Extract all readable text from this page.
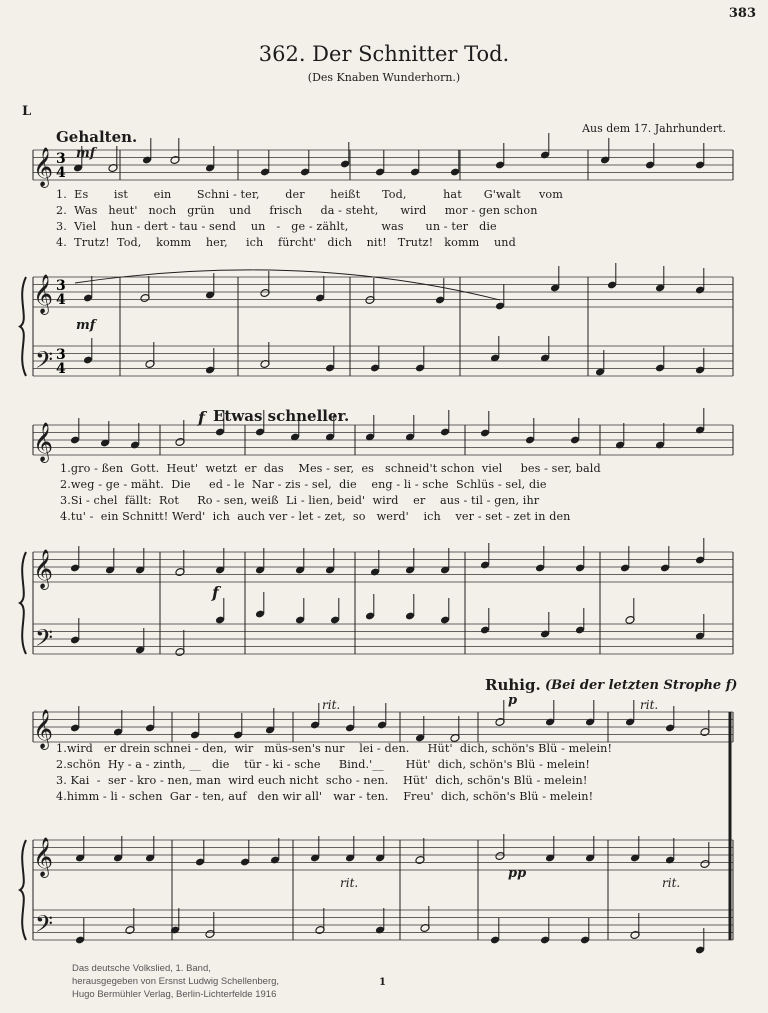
383
362. Der Schnitter Tod.
(Des Knaben Wunderhorn.)
L
Aus dem 17. Jahrhundert.
Gehalten.
Etwas schneller.
Ruhig. (Bei der letzten Strophe f)
mf
mf
f
f
p
pp
rit.	rit.
rit.	rit.
1.  Es       ist       ein       Schni - ter,       der       heißt      Tod,          hat      G'walt     vom
2.  Was   heut'   noch   grün    und     frisch     da - steht,      wird     mor - gen schon
3.  Viel    hun - dert - tau - send    un   -   ge - zählt,         was      un - ter   die
4.  Trutz!  Tod,    komm    her,     ich    fürcht'   dich    nit!   Trutz!   komm    und
1.gro - ßen  Gott.  Heut'  wetzt  er  das    Mes - ser,  es   schneid't schon  viel     bes - ser, bald
2.weg - ge - mäht.  Die     ed - le  Nar - zis - sel,  die    eng - li - sche  Schlüs - sel, die
3.Si - chel  fällt:  Rot     Ro - sen, weiß  Li - lien, beid'  wird    er    aus - til - gen, ihr
4.tu' -  ein Schnitt! Werd'  ich  auch ver - let - zet,  so   werd'    ich    ver - set - zet in den
1.wird   er drein schnei - den,  wir   müs-sen's nur    lei - den.     Hüt'  dich, schön's Blü - melein!
2.schön  Hy - a - zinth, __   die    tür - ki - sche     Bind.'__      Hüt'  dich, schön's Blü - melein!
3. Kai  -  ser - kro - nen, man  wird euch nicht  scho - nen.    Hüt'  dich, schön's Blü - melein!
4.himm - li - schen  Gar - ten, auf   den wir all'   war - ten.    Freu'  dich, schön's Blü - melein!
𝄞
𝄞
𝄢
3
4
3
4
3
4
𝄞
𝄞
𝄢
𝄞
𝄞
𝄢
Das deutsche Volkslied, 1. Band,
herausgegeben von Ersnst Ludwig Schellenberg,
Hugo Bermühler Verlag, Berlin-Lichterfelde 1916
1
